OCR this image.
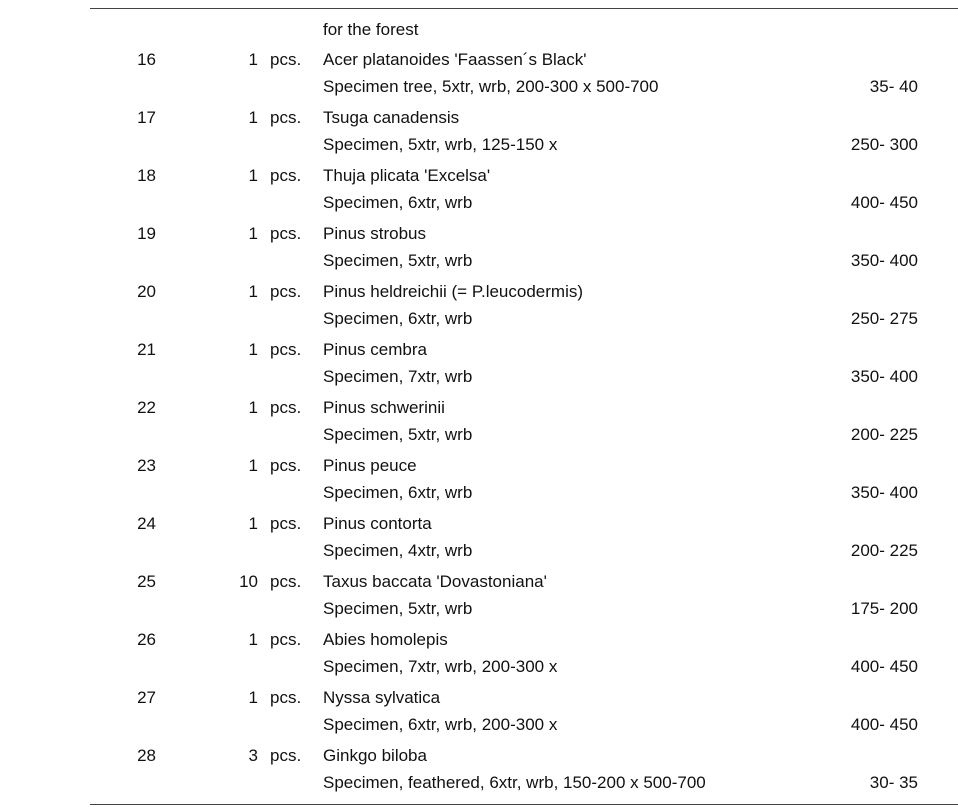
for the forest
16	1 pcs. Acer platanoides 'Faassen´s Black'
Specimen tree, 5xtr, wrb, 200-300 x 500-700	35- 40
17	1 pcs. Tsuga canadensis
Specimen, 5xtr, wrb, 125-150 x	250- 300
18	1 pcs. Thuja plicata 'Excelsa'
Specimen, 6xtr, wrb	400- 450
19	1 pcs. Pinus strobus
Specimen, 5xtr, wrb	350- 400
20	1 pcs. Pinus heldreichii (= P.leucodermis)
Specimen, 6xtr, wrb	250- 275
21	1 pcs. Pinus cembra
Specimen, 7xtr, wrb	350- 400
22	1 pcs. Pinus schwerinii
Specimen, 5xtr, wrb	200- 225
23	1 pcs. Pinus peuce
Specimen, 6xtr, wrb	350- 400
24	1 pcs. Pinus contorta
Specimen, 4xtr, wrb	200- 225
25	10 pcs. Taxus baccata 'Dovastoniana'
Specimen, 5xtr, wrb	175- 200
26	1 pcs. Abies homolepis
Specimen, 7xtr, wrb, 200-300 x	400- 450
27	1 pcs. Nyssa sylvatica
Specimen, 6xtr, wrb, 200-300 x	400- 450
28	3 pcs. Ginkgo biloba
Specimen, feathered, 6xtr, wrb, 150-200 x 500-700	30- 35
